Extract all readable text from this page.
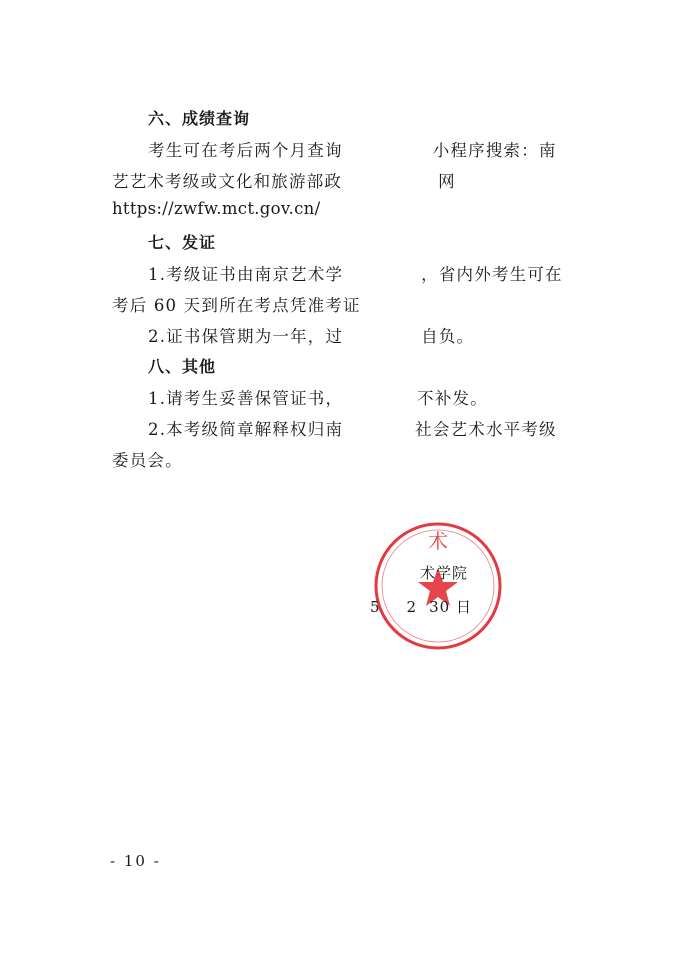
六、成绩查询
考生可在考后两个月查询	小程序搜索：南
艺艺术考级或文化和旅游部政	网
https://zwfw.mct.gov.cn/
七、发证
1.考级证书由南京艺术学	，省内外考生可在
考后 60 天到所在考点凭准考证
2.证书保管期为一年，过	自负。
八、其他
1.请考生妥善保管证书，	不补发。
2.本考级简章解释权归南	社会艺术水平考级
委员会。
术
术学院
5 2 30 日
- 10 -
